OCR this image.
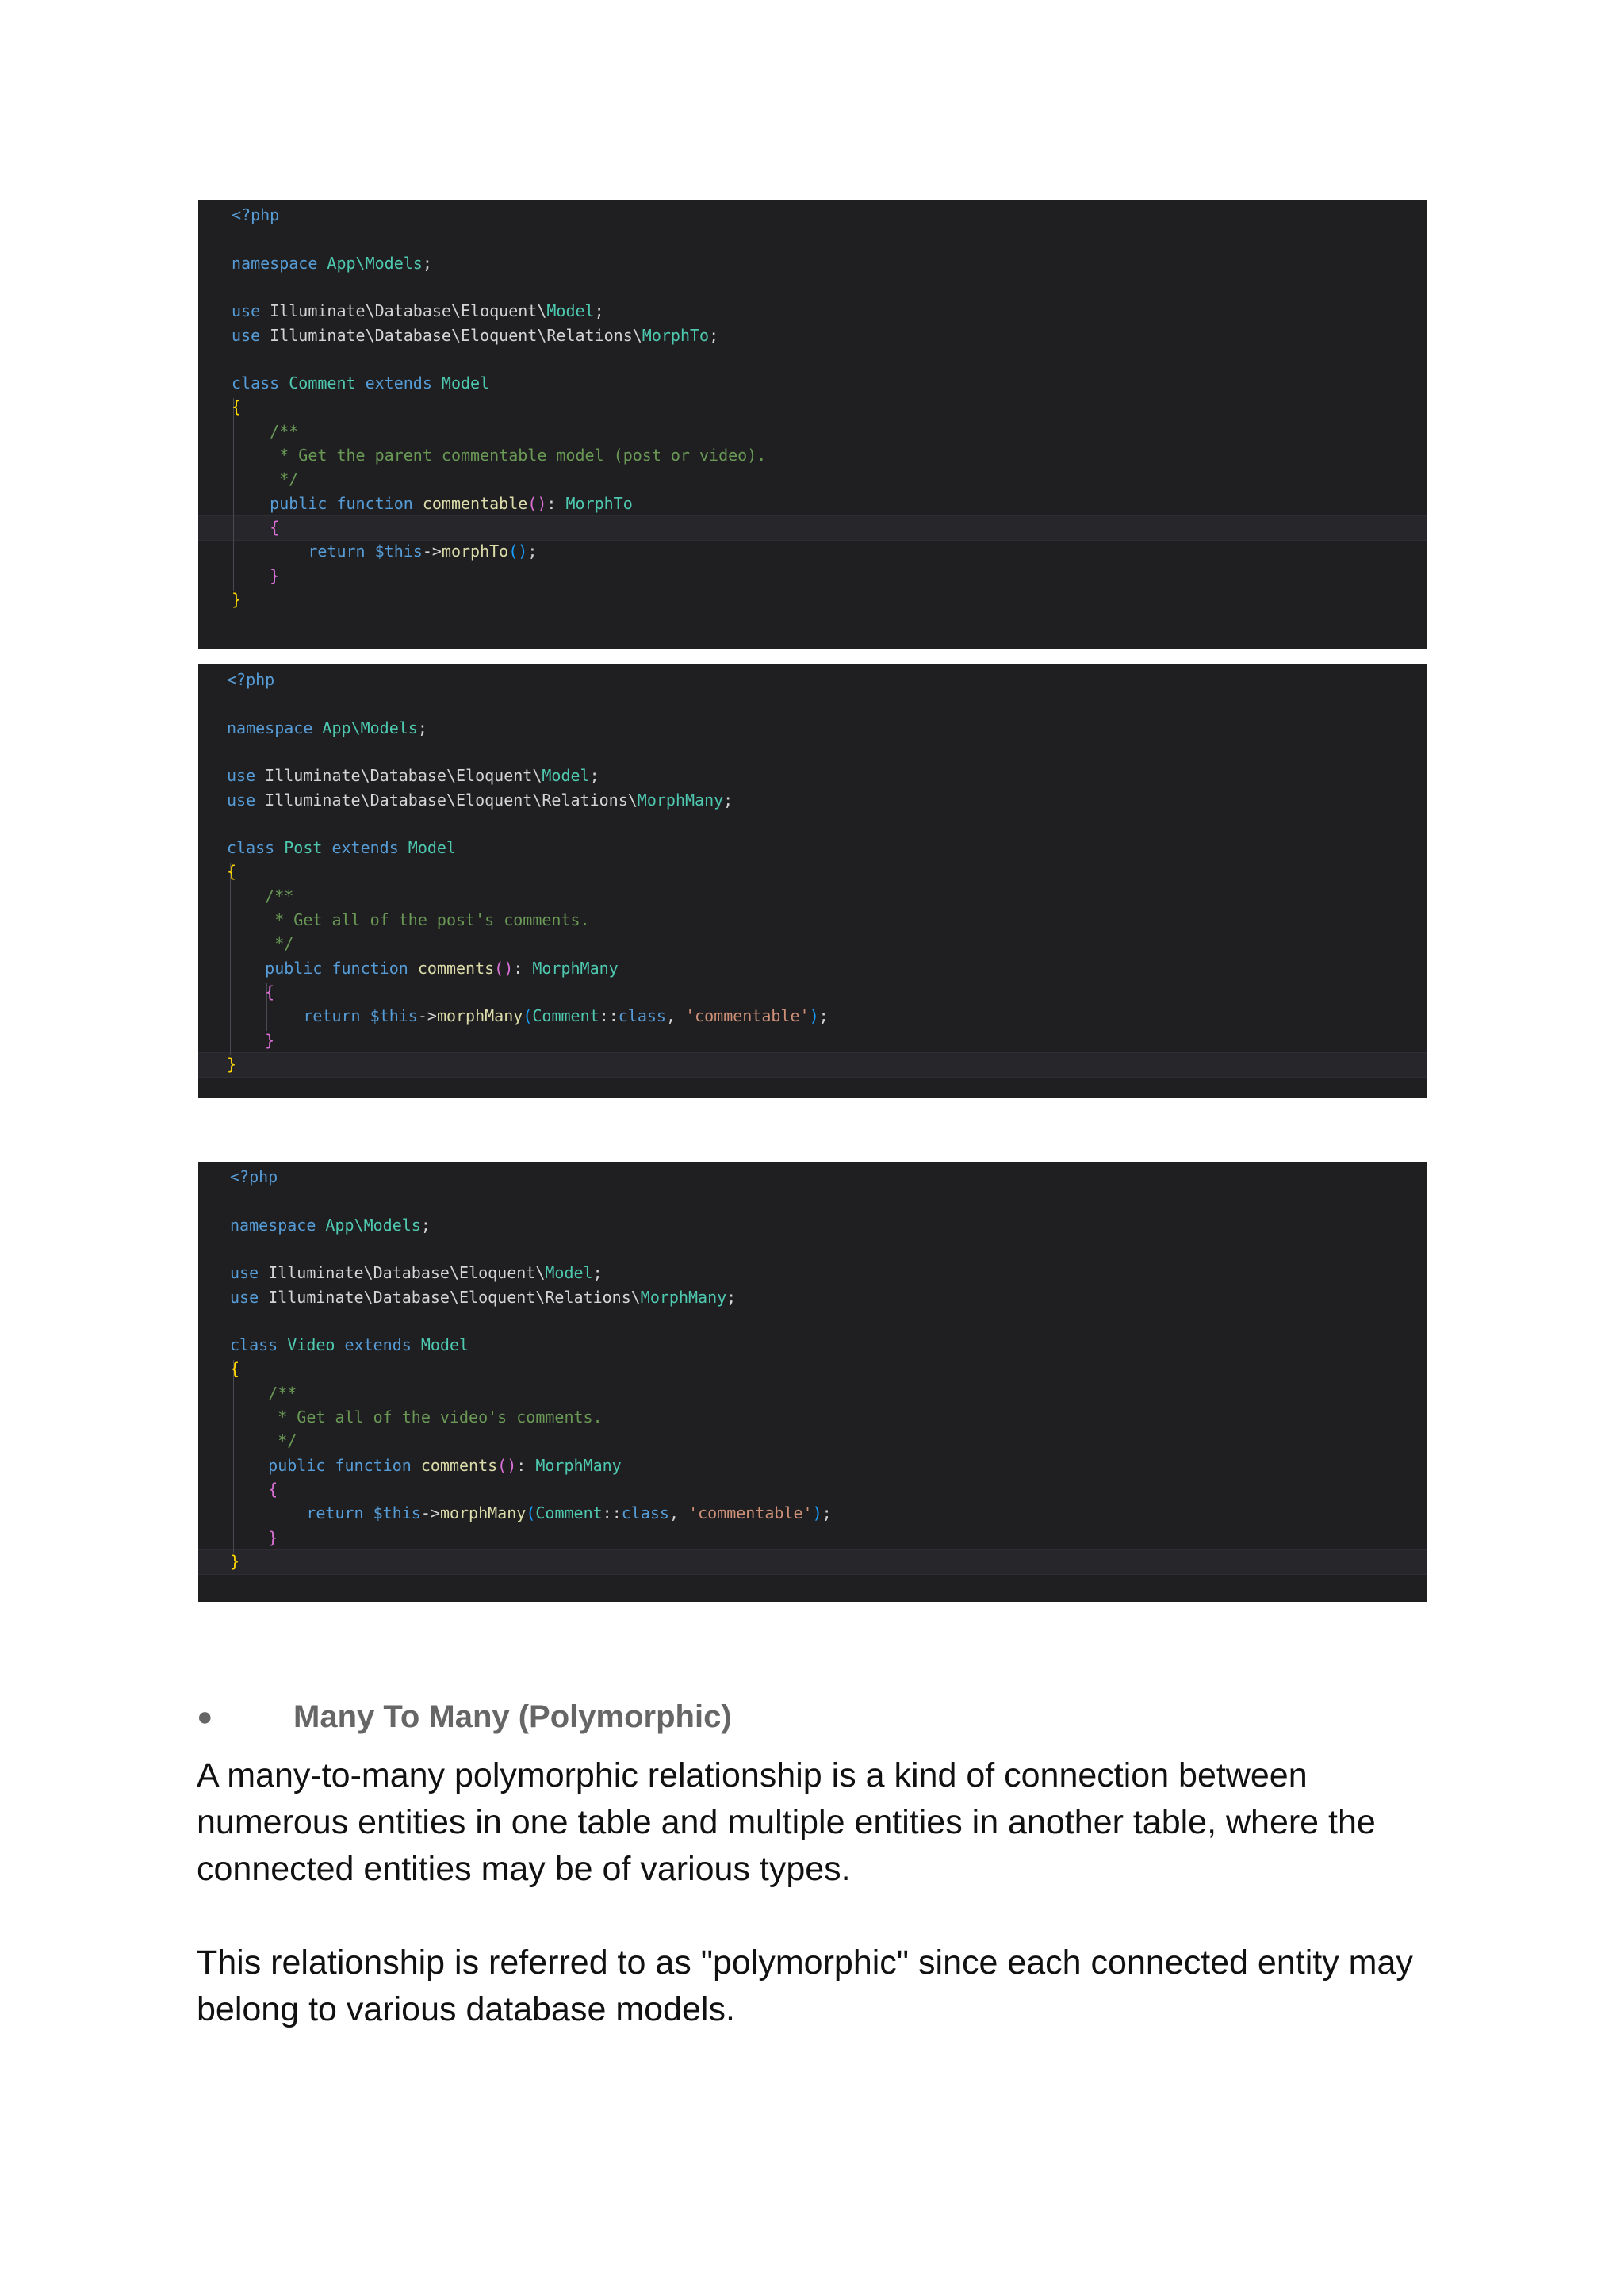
<?php
namespace App\Models;
use Illuminate\Database\Eloquent\Model;
use Illuminate\Database\Eloquent\Relations\MorphTo;
class Comment extends Model
{
/**
* Get the parent commentable model (post or video).
*/
public function commentable(): MorphTo
{
return $this->morphTo();
}
}
<?php
namespace App\Models;
use Illuminate\Database\Eloquent\Model;
use Illuminate\Database\Eloquent\Relations\MorphMany;
class Post extends Model
{
/**
* Get all of the post's comments.
*/
public function comments(): MorphMany
{
return $this->morphMany(Comment::class, 'commentable');
}
}
<?php
namespace App\Models;
use Illuminate\Database\Eloquent\Model;
use Illuminate\Database\Eloquent\Relations\MorphMany;
class Video extends Model
{
/**
* Get all of the video's comments.
*/
public function comments(): MorphMany
{
return $this->morphMany(Comment::class, 'commentable');
}
}
●	Many To Many (Polymorphic)

A many-to-many polymorphic relationship is a kind of connection between numerous entities in one table and multiple entities in another table, where the connected entities may be of various types.

This relationship is referred to as "polymorphic" since each connected entity may belong to various database models.
